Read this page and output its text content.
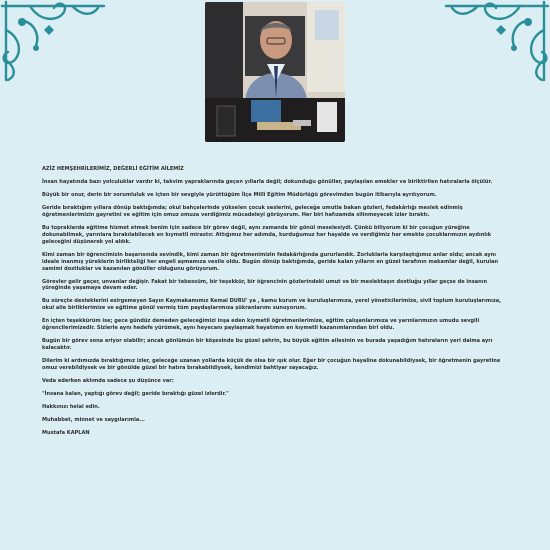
AZİZ HEMŞEHRİLERİMİZ, DEĞERLİ EĞİTİM AİLEMİZ

İnsan hayatında bazı yolculuklar vardır ki, takvim yapraklarında geçen yıllarla değil; dokunduğu gönüller, paylaşılan emekler ve biriktirilen hatıralarla ölçülür.

Büyük bir onur, derin bir sorumluluk ve içten bir sevgiyle yürüttüğüm İlçe Millî Eğitim Müdürlüğü görevimden bugün itibarıyla ayrılıyorum.

Geride bıraktığım yıllara dönüp baktığımda; okul bahçelerinde yükselen çocuk seslerini, geleceğe umutla bakan gözleri, fedakârlığı meslek edinmiş öğretmenlerimizin gayretini ve eğitim için omuz omuza verdiğimiz mücadeleyi görüyorum. Her biri hafızamda silinmeyecek izler bıraktı.

Bu topraklarda eğitime hizmet etmek benim için sadece bir görev değil, aynı zamanda bir gönül meselesiydi. Çünkü biliyorum ki bir çocuğun yüreğine dokunabilmek, yarınlara bırakılabilecek en kıymetli mirastır. Attığımız her adımda, kurduğumuz her hayalde ve verdiğimiz her emekte çocuklarımızın aydınlık geleceğini düşünerek yol aldık.

Kimi zaman bir öğrencimizin başarısında sevindik, kimi zaman bir öğretmenimizin fedakârlığında gururlandık. Zorluklarla karşılaştığımız anlar oldu; ancak aynı ideale inanmış yüreklerin birlikteliği her engeli aşmamıza vesile oldu. Bugün dönüp baktığımda, geride kalan yılların en güzel tarafının makamlar değil, kurulan samimi dostluklar ve kazanılan gönüller olduğunu görüyorum.

Görevler gelir geçer, unvanlar değişir. Fakat bir tebessüm, bir teşekkür, bir öğrencinin gözlerindeki umut ve bir meslektaşın dostluğu yıllar geçse de insanın yüreğinde yaşamaya devam eder.

Bu süreçte desteklerini esirgemeyen Sayın Kaymakamımız Kemal DURU' ya , kamu kurum ve kuruluşlarımıza, yerel yöneticilerimize, sivil toplum kuruluşlarımıza, okul aile birliklerimize ve eğitime gönül vermiş tüm paydaşlarımıza şükranlarımı sunuyorum.

En içten teşekkürüm ise; gece gündüz demeden geleceğimizi inşa eden kıymetli öğretmenlerimize, eğitim çalışanlarımıza ve yarınlarımızın umudu sevgili öğrencilerimizedir. Sizlerle aynı hedefe yürümek, aynı heyecanı paylaşmak hayatımın en kıymetli kazanımlarından biri oldu.

Bugün bir görev sona eriyor olabilir; ancak gönlümün bir köşesinde bu güzel şehrin, bu büyük eğitim ailesinin ve burada yaşadığım hatıraların yeri daima ayrı kalacaktır.

Dilerim ki ardımızda bıraktığımız izler, geleceğe uzanan yollarda küçük de olsa bir ışık olur. Eğer bir çocuğun hayaline dokunabildiysek, bir öğretmenin gayretine omuz verebildiysek ve bir gönülde güzel bir hatıra bırakabildiysek, kendimizi bahtiyar sayacağız.

Veda ederken aklımda sadece şu düşünce var:

"İnsana kalan, yaptığı görev değil; geride bıraktığı güzel izlerdir."

Hakkınızı helal edin.

Muhabbet, minnet ve saygılarımla...

Mustafa KAPLAN
